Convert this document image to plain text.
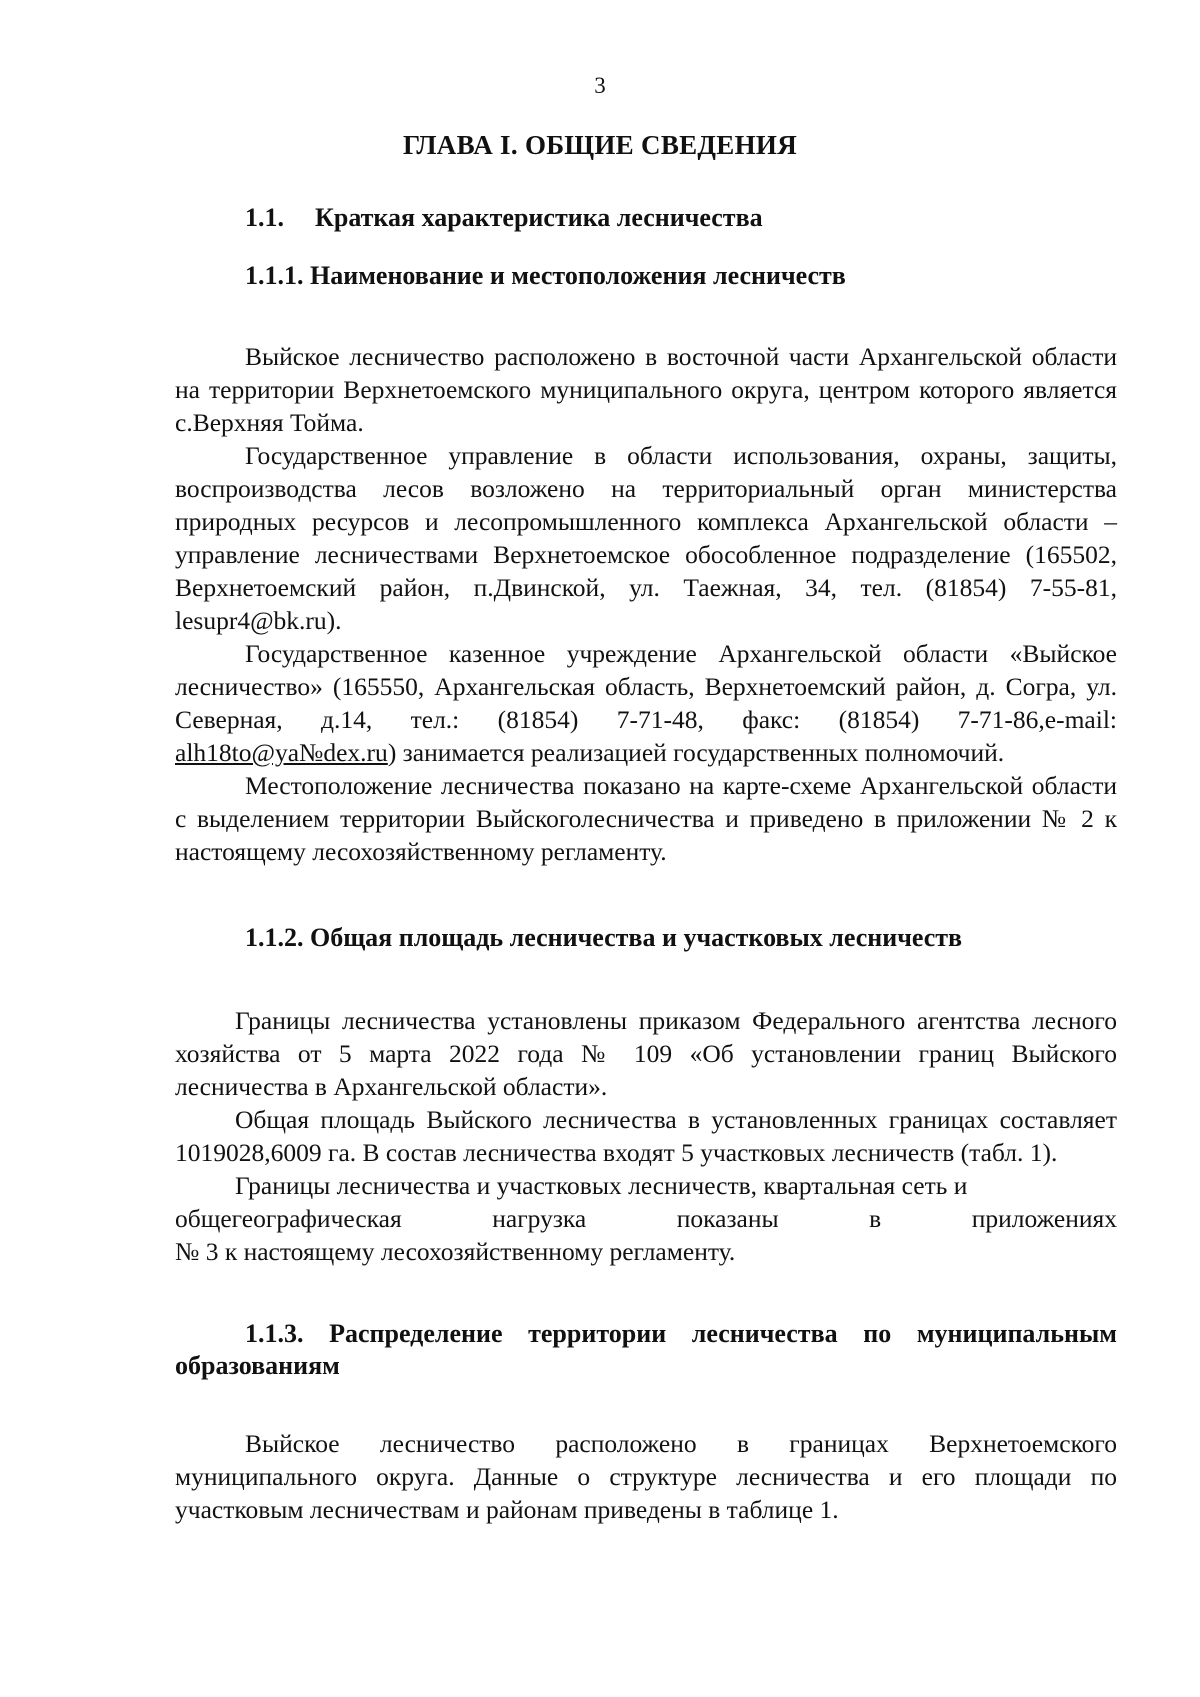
3
ГЛАВА I. ОБЩИЕ СВЕДЕНИЯ
1.1. Краткая характеристика лесничества
1.1.1. Наименование и местоположения лесничеств

Выйское лесничество расположено в восточной части Архангельской области на территории Верхнетоемского муниципального округа, центром которого является с.Верхняя Тойма.

Государственное управление в области использования, охраны, защиты, воспроизводства лесов возложено на территориальный орган министерства природных ресурсов и лесопромышленного комплекса Архангельской области – управление лесничествами Верхнетоемское обособленное подразделение (165502, Верхнетоемский район, п.Двинской, ул. Таежная, 34, тел. (81854) 7-55-81, lesupr4@bk.ru).

Государственное казенное учреждение Архангельской области «Выйское лесничество» (165550, Архангельская область, Верхнетоемский район, д. Согра, ул. Северная, д.14, тел.: (81854) 7-71-48, факс: (81854) 7-71-86,e-mail: alh18to@ya№dex.ru) занимается реализацией государственных полномочий.

Местоположение лесничества показано на карте-схеме Архангельской области с выделением территории Выйскоголесничества и приведено в приложении № 2 к настоящему лесохозяйственному регламенту.

1.1.2. Общая площадь лесничества и участковых лесничеств

Границы лесничества установлены приказом Федерального агентства лесного хозяйства от 5 марта 2022 года № 109 «Об установлении границ Выйского лесничества в Архангельской области».

Общая площадь Выйского лесничества в установленных границах составляет 1019028,6009 га. В состав лесничества входят 5 участковых лесничеств (табл. 1).

Границы лесничества и участковых лесничеств, квартальная сеть и

общегеографическая нагрузка показаны в приложениях
№ 3 к настоящему лесохозяйственному регламенту.
1.1.3. Распределение территории лесничества по муниципальным
образованиям

Выйское лесничество расположено в границах Верхнетоемского муниципального округа. Данные о структуре лесничества и его площади по участковым лесничествам и районам приведены в таблице 1.
